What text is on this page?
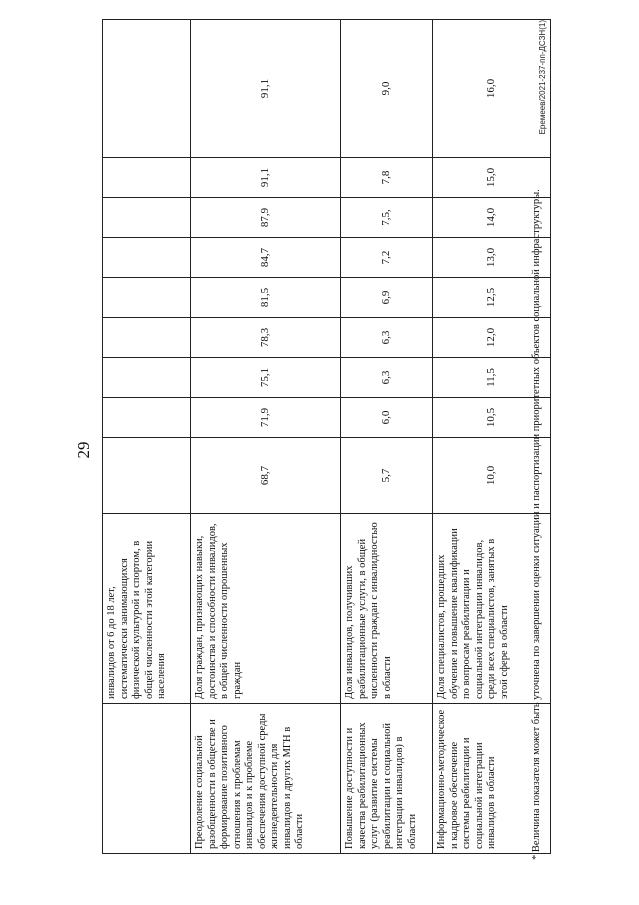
29
	инвалидов от 6 до 18 лет, систематически занимающихся физической культурой и спортом, в общей численности этой категории населения									
Преодоление социальной разобщенности в обществе и формирование позитивного отношения к проблемам инвалидов и к проблеме обеспечения доступной среды жизнедеятельности для инвалидов и других МГН в области	Доля граждан, признающих навыки, достоинства и способности инвалидов, в общей численности опрошенных граждан	68,7	71,9	75,1	78,3	81,5	84,7	87,9	91,1	91,1
Повышение доступности и качества реабилитационных услуг (развитие системы реабилитации и социальной интеграции инвалидов) в области	Доля инвалидов, получивших реабилитационные услуги, в общей численности граждан с инвалидностью в области	5,7	6,0	6,3	6,3	6,9	7,2	7,5,	7,8	9,0
Информационно-методическое и кадровое обеспечение системы реабилитации и социальной интеграции инвалидов в области	Доля специалистов, прошедших обучение и повышение квалификации по вопросам реабилитации и социальной интеграции инвалидов, среди всех специалистов, занятых в этой сфере в области	10,0	10,5	11,5	12,0	12,5	13,0	14,0	15,0	16,0
* Величина показателя может быть уточнена по завершении оценки ситуации и паспортизации приоритетных объектов социальной инфраструктуры.
Еремеев/2021-237-пп-ДСЗН(1)
